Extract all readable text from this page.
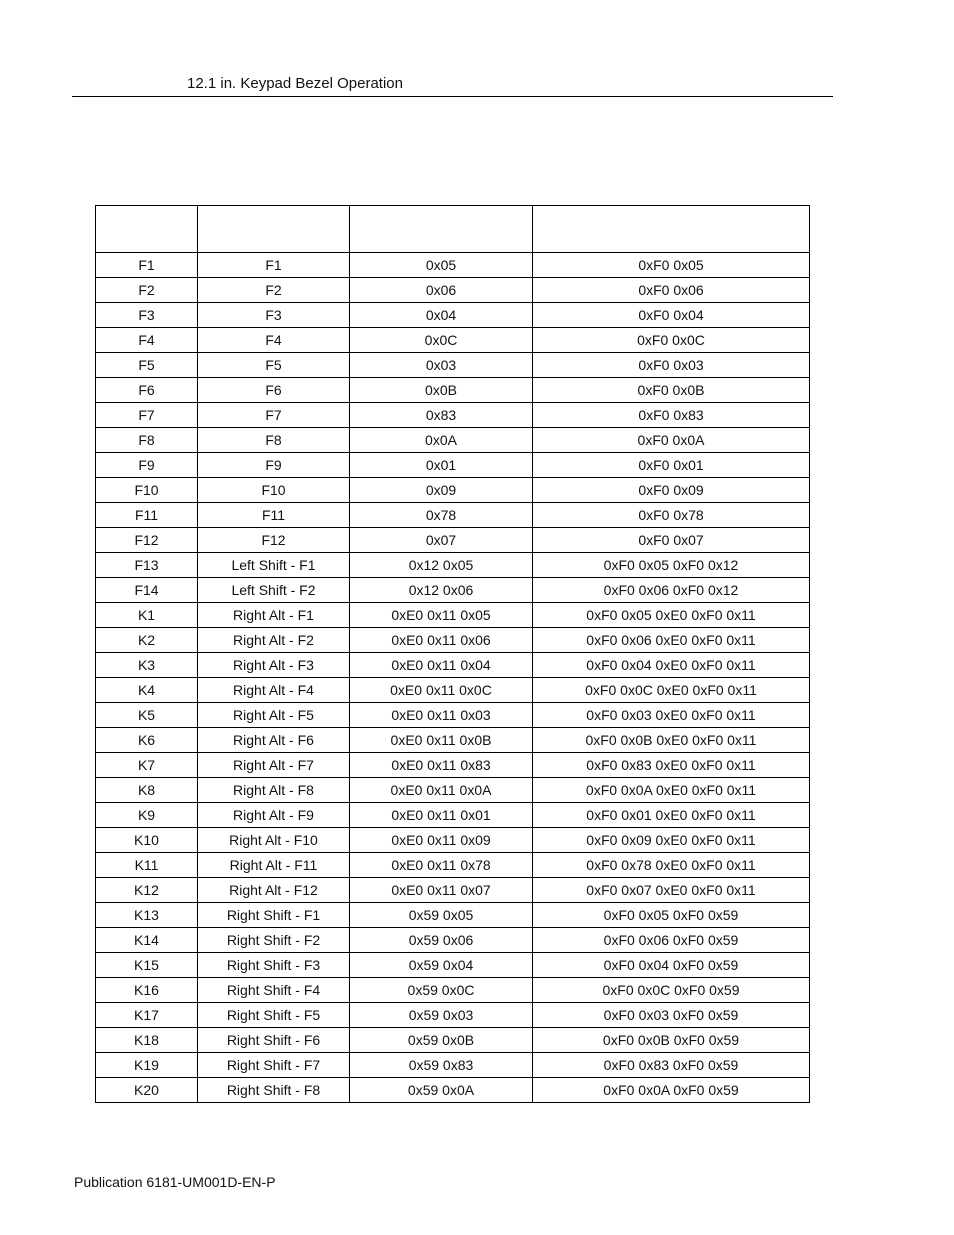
12.1 in. Keypad Bezel Operation

F1	F1	0x05	0xF0 0x05
F2	F2	0x06	0xF0 0x06
F3	F3	0x04	0xF0 0x04
F4	F4	0x0C	0xF0 0x0C
F5	F5	0x03	0xF0 0x03
F6	F6	0x0B	0xF0 0x0B
F7	F7	0x83	0xF0 0x83
F8	F8	0x0A	0xF0 0x0A
F9	F9	0x01	0xF0 0x01
F10	F10	0x09	0xF0 0x09
F11	F11	0x78	0xF0 0x78
F12	F12	0x07	0xF0 0x07
F13	Left Shift - F1	0x12 0x05	0xF0 0x05 0xF0 0x12
F14	Left Shift - F2	0x12 0x06	0xF0 0x06 0xF0 0x12
K1	Right Alt - F1	0xE0 0x11 0x05	0xF0 0x05 0xE0 0xF0 0x11
K2	Right Alt - F2	0xE0 0x11 0x06	0xF0 0x06 0xE0 0xF0 0x11
K3	Right Alt - F3	0xE0 0x11 0x04	0xF0 0x04 0xE0 0xF0 0x11
K4	Right Alt - F4	0xE0 0x11 0x0C	0xF0 0x0C 0xE0 0xF0 0x11
K5	Right Alt - F5	0xE0 0x11 0x03	0xF0 0x03 0xE0 0xF0 0x11
K6	Right Alt - F6	0xE0 0x11 0x0B	0xF0 0x0B 0xE0 0xF0 0x11
K7	Right Alt - F7	0xE0 0x11 0x83	0xF0 0x83 0xE0 0xF0 0x11
K8	Right Alt - F8	0xE0 0x11 0x0A	0xF0 0x0A 0xE0 0xF0 0x11
K9	Right Alt - F9	0xE0 0x11 0x01	0xF0 0x01 0xE0 0xF0 0x11
K10	Right Alt - F10	0xE0 0x11 0x09	0xF0 0x09 0xE0 0xF0 0x11
K11	Right Alt - F11	0xE0 0x11 0x78	0xF0 0x78 0xE0 0xF0 0x11
K12	Right Alt - F12	0xE0 0x11 0x07	0xF0 0x07 0xE0 0xF0 0x11
K13	Right Shift - F1	0x59 0x05	0xF0 0x05 0xF0 0x59
K14	Right Shift - F2	0x59 0x06	0xF0 0x06 0xF0 0x59
K15	Right Shift - F3	0x59 0x04	0xF0 0x04 0xF0 0x59
K16	Right Shift - F4	0x59 0x0C	0xF0 0x0C 0xF0 0x59
K17	Right Shift - F5	0x59 0x03	0xF0 0x03 0xF0 0x59
K18	Right Shift - F6	0x59 0x0B	0xF0 0x0B 0xF0 0x59
K19	Right Shift - F7	0x59 0x83	0xF0 0x83 0xF0 0x59
K20	Right Shift - F8	0x59 0x0A	0xF0 0x0A 0xF0 0x59
Publication 6181-UM001D-EN-P
